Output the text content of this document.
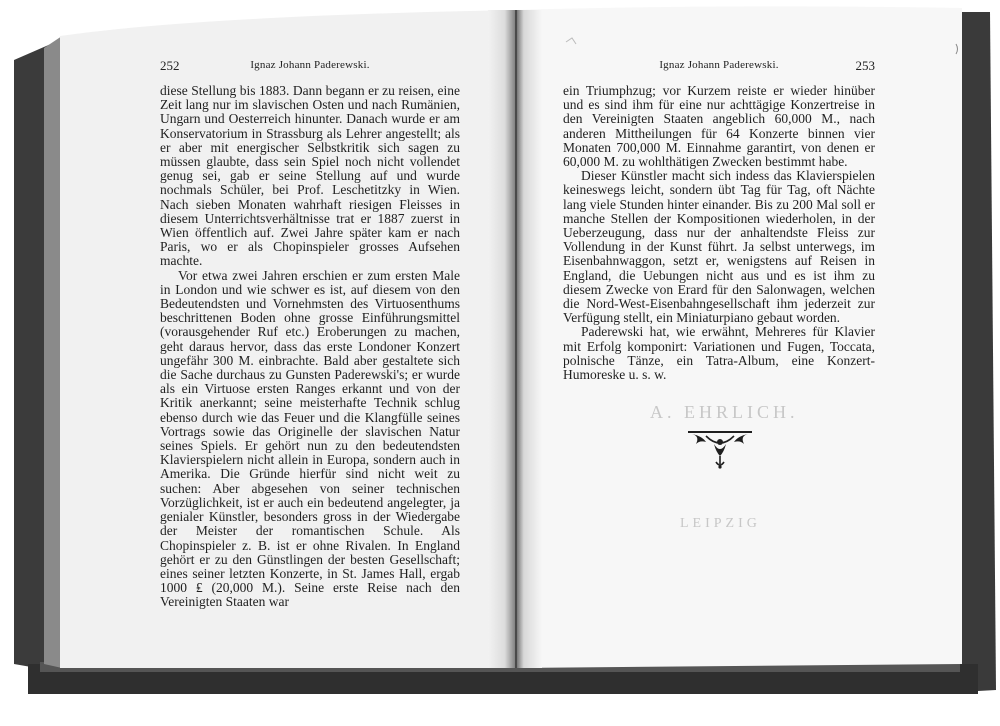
A. EHRLICH.
LEIPZIG
252	Ignaz Johann Paderewski.

diese Stellung bis 1883. Dann begann er zu reisen, eine Zeit lang nur im slavischen Osten und nach Rumänien, Ungarn und Oesterreich hinunter. Danach wurde er am Konservatorium in Strassburg als Lehrer angestellt; als er aber mit energischer Selbstkritik sich sagen zu müssen glaubte, dass sein Spiel noch nicht vollendet genug sei, gab er seine Stellung auf und wurde nochmals Schüler, bei Prof. Leschetitzky in Wien. Nach sieben Monaten wahrhaft riesigen Fleisses in diesem Unterrichtsverhältnisse trat er 1887 zuerst in Wien öffentlich auf. Zwei Jahre später kam er nach Paris, wo er als Chopinspieler grosses Aufsehen machte.

Vor etwa zwei Jahren erschien er zum ersten Male in London und wie schwer es ist, auf diesem von den Bedeutendsten und Vornehmsten des Virtuosenthums beschrittenen Boden ohne grosse Einführungsmittel (vorausgehender Ruf etc.) Eroberungen zu machen, geht daraus hervor, dass das erste Londoner Konzert ungefähr 300 M. einbrachte. Bald aber gestaltete sich die Sache durchaus zu Gunsten Paderewski's; er wurde als ein Virtuose ersten Ranges erkannt und von der Kritik anerkannt; seine meisterhafte Technik schlug ebenso durch wie das Feuer und die Klangfülle seines Vortrags sowie das Originelle der slavischen Natur seines Spiels. Er gehört nun zu den bedeutendsten Klavierspielern nicht allein in Europa, sondern auch in Amerika. Die Gründe hierfür sind nicht weit zu suchen: Aber abgesehen von seiner technischen Vorzüglichkeit, ist er auch ein bedeutend angelegter, ja genialer Künstler, besonders gross in der Wiedergabe der Meister der romantischen Schule. Als Chopinspieler z. B. ist er ohne Rivalen. In England gehört er zu den Günstlingen der besten Gesellschaft; eines seiner letzten Konzerte, in St. James Hall, ergab 1000 ₤ (20,000 M.). Seine erste Reise nach den Vereinigten Staaten war

Ignaz Johann Paderewski.	253

ein Triumphzug; vor Kurzem reiste er wieder hinüber und es sind ihm für eine nur achttägige Konzertreise in den Vereinigten Staaten angeblich 60,000 M., nach anderen Mittheilungen für 64 Konzerte binnen vier Monaten 700,000 M. Einnahme garantirt, von denen er 60,000 M. zu wohlthätigen Zwecken bestimmt habe.

Dieser Künstler macht sich indess das Klavierspielen keineswegs leicht, sondern übt Tag für Tag, oft Nächte lang viele Stunden hinter einander. Bis zu 200 Mal soll er manche Stellen der Kompositionen wiederholen, in der Ueberzeugung, dass nur der anhaltendste Fleiss zur Vollendung in der Kunst führt. Ja selbst unterwegs, im Eisenbahnwaggon, setzt er, wenigstens auf Reisen in England, die Uebungen nicht aus und es ist ihm zu diesem Zwecke von Erard für den Salonwagen, welchen die Nord-West-Eisenbahngesellschaft ihm jederzeit zur Verfügung stellt, ein Miniaturpiano gebaut worden.

Paderewski hat, wie erwähnt, Mehreres für Klavier mit Erfolg komponirt: Variationen und Fugen, Toccata, polnische Tänze, ein Tatra-Album, eine Konzert-Humoreske u. s. w.
